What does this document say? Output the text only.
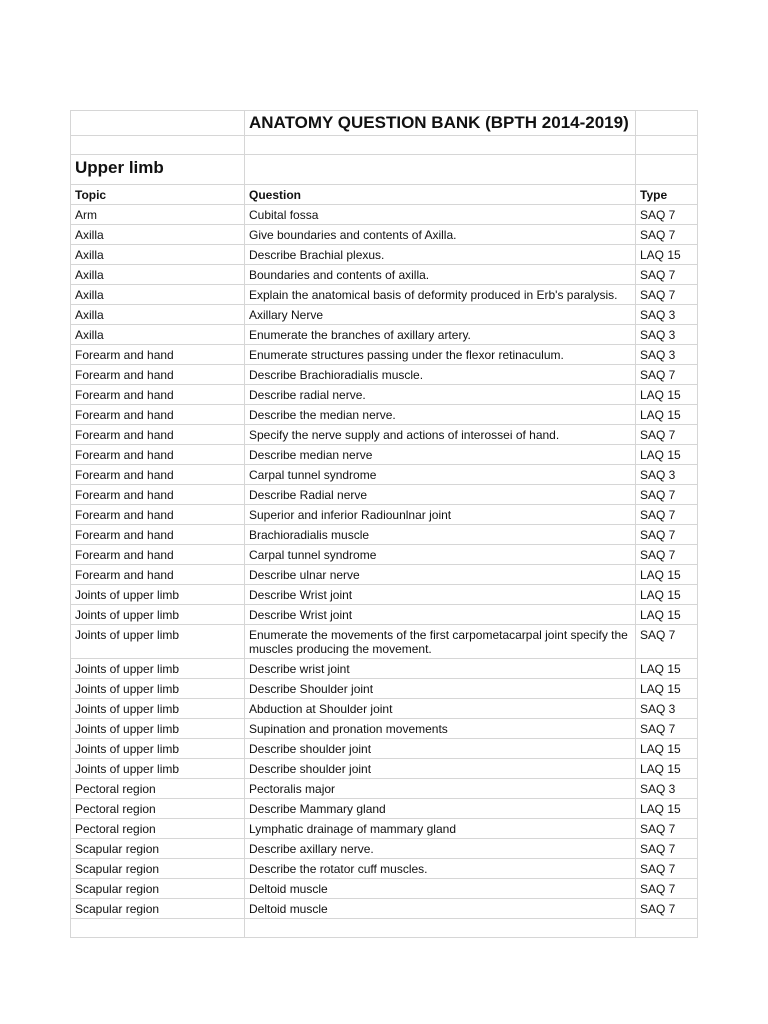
	ANATOMY QUESTION BANK (BPTH 2014-2019)	

Upper limb		
Topic	Question	Type
Arm	Cubital fossa	SAQ 7
Axilla	Give boundaries and contents of Axilla.	SAQ 7
Axilla	Describe Brachial plexus.	LAQ 15
Axilla	Boundaries and contents of axilla.	SAQ 7
Axilla	Explain the anatomical basis of deformity produced in Erb's paralysis.	SAQ 7
Axilla	Axillary Nerve	SAQ 3
Axilla	Enumerate the branches of axillary artery.	SAQ 3
Forearm and hand	Enumerate structures passing under the flexor retinaculum.	SAQ 3
Forearm and hand	Describe Brachioradialis muscle.	SAQ 7
Forearm and hand	Describe radial nerve.	LAQ 15
Forearm and hand	Describe the median nerve.	LAQ 15
Forearm and hand	Specify the nerve supply and actions of interossei of hand.	SAQ 7
Forearm and hand	Describe median nerve	LAQ 15
Forearm and hand	Carpal tunnel syndrome	SAQ 3
Forearm and hand	Describe Radial nerve	SAQ 7
Forearm and hand	Superior and inferior Radiounlnar joint	SAQ 7
Forearm and hand	Brachioradialis muscle	SAQ 7
Forearm and hand	Carpal tunnel syndrome	SAQ 7
Forearm and hand	Describe ulnar nerve	LAQ 15
Joints of upper limb	Describe Wrist joint	LAQ 15
Joints of upper limb	Describe Wrist joint	LAQ 15
Joints of upper limb	Enumerate the movements of the first carpometacarpal joint specify the muscles producing the movement.	SAQ 7
Joints of upper limb	Describe wrist joint	LAQ 15
Joints of upper limb	Describe Shoulder joint	LAQ 15
Joints of upper limb	Abduction at Shoulder joint	SAQ 3
Joints of upper limb	Supination and pronation movements	SAQ 7
Joints of upper limb	Describe shoulder joint	LAQ 15
Joints of upper limb	Describe shoulder joint	LAQ 15
Pectoral region	Pectoralis major	SAQ 3
Pectoral region	Describe Mammary gland	LAQ 15
Pectoral region	Lymphatic drainage of mammary gland	SAQ 7
Scapular region	Describe axillary nerve.	SAQ 7
Scapular region	Describe the rotator cuff muscles.	SAQ 7
Scapular region	Deltoid muscle	SAQ 7
Scapular region	Deltoid muscle	SAQ 7
